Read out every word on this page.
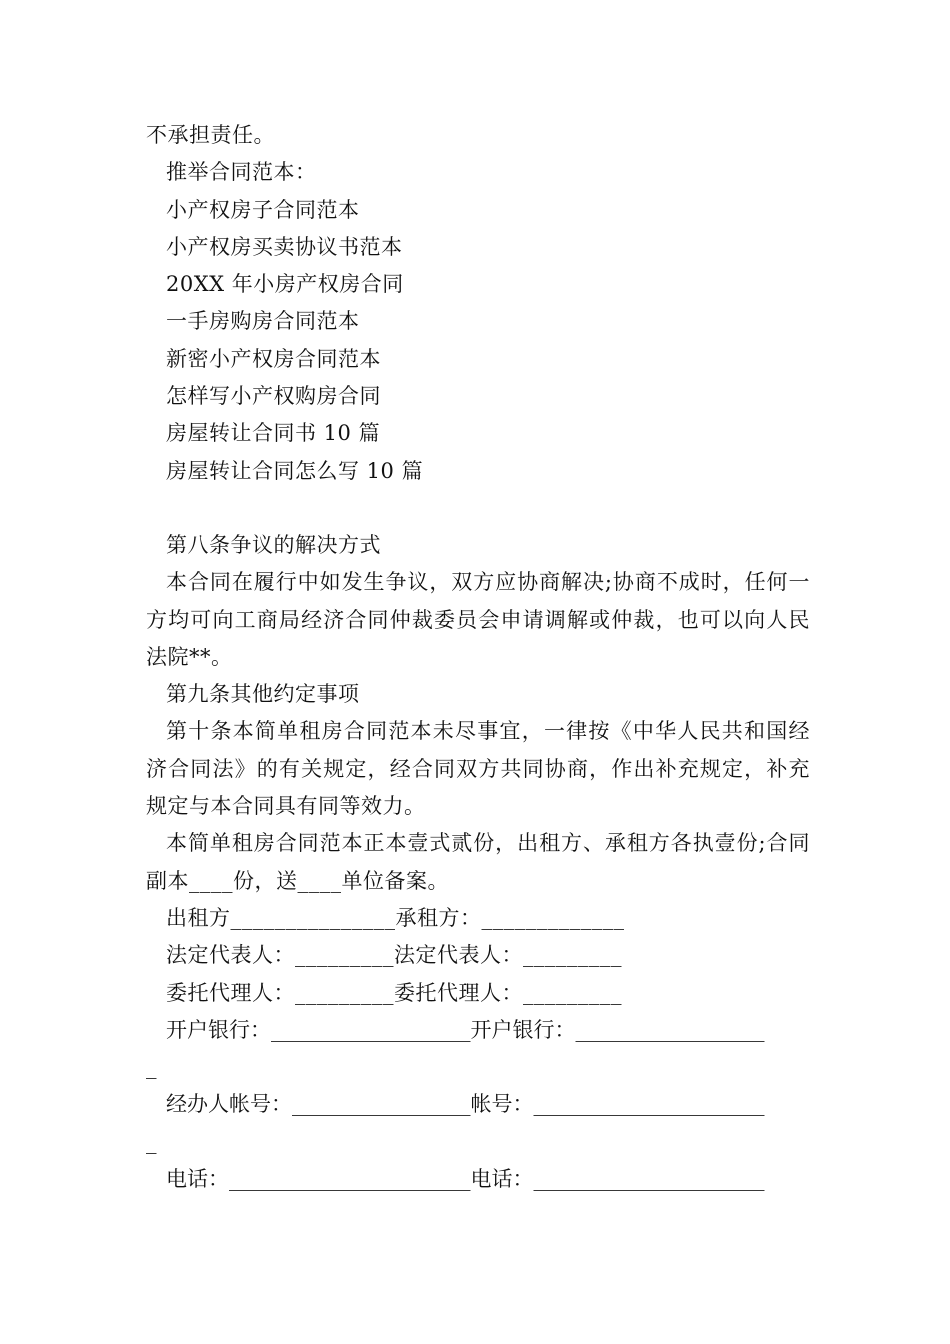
不承担责任。
推举合同范本：
小产权房子合同范本
小产权房买卖协议书范本
20XX 年小房产权房合同
一手房购房合同范本
新密小产权房合同范本
怎样写小产权购房合同
房屋转让合同书 10 篇
房屋转让合同怎么写 10 篇
第八条争议的解决方式

本合同在履行中如发生争议，双方应协商解决;协商不成时，任何一方均可向工商局经济合同仲裁委员会申请调解或仲裁，也可以向人民法院**。

第九条其他约定事项

第十条本简单租房合同范本未尽事宜，一律按《中华人民共和国经济合同法》的有关规定，经合同双方共同协商，作出补充规定，补充规定与本合同具有同等效力。

本简单租房合同范本正本壹式贰份，出租方、承租方各执壹份;合同副本____份，送____单位备案。

出租方_______________承租方：_____________
法定代表人：_________法定代表人：_________
委托代理人：_________委托代理人：_________
开户银行：___________________开户银行：__________________
_
经办人帐号：_________________帐号：______________________
_
电话：_______________________电话：______________________
